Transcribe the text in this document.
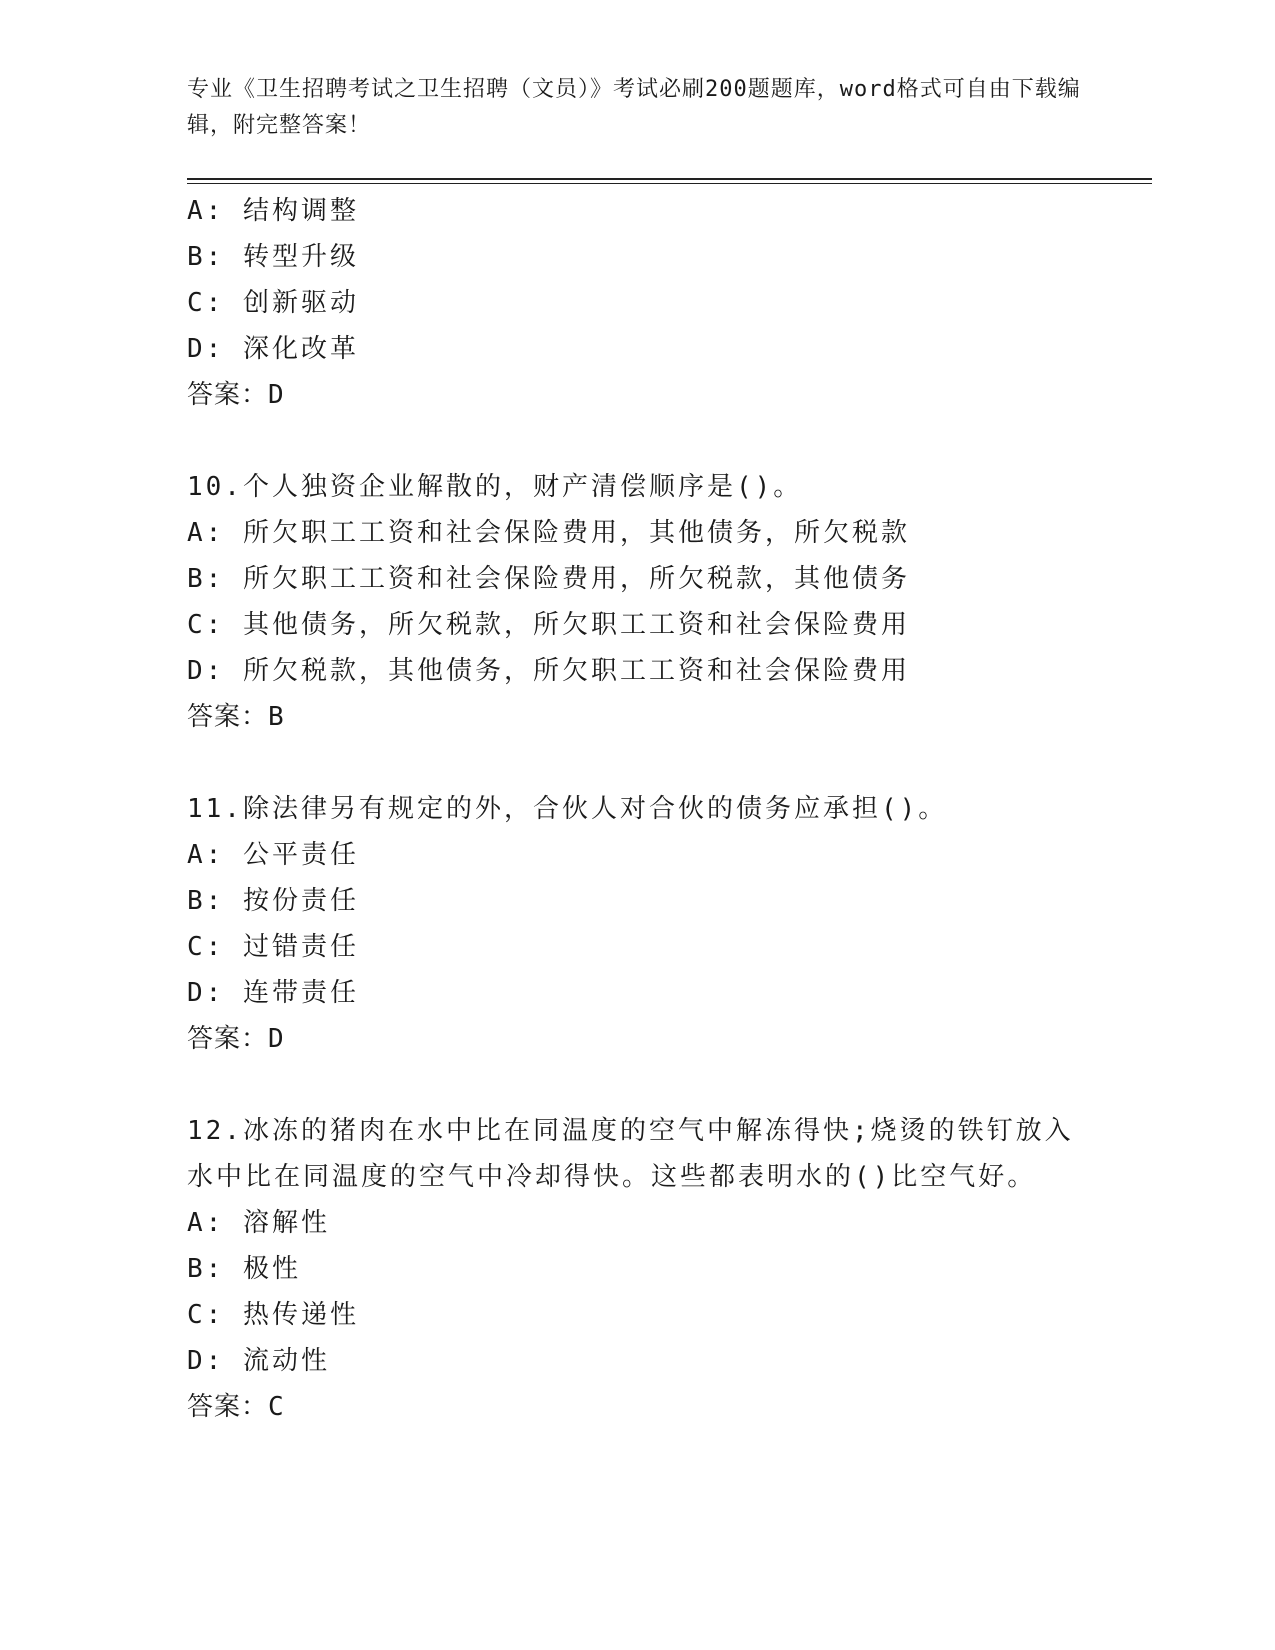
专业《卫生招聘考试之卫生招聘（文员）》考试必刷200题题库，word格式可自由下载编辑，附完整答案！
A: 结构调整
B: 转型升级
C: 创新驱动
D: 深化改革
答案：D
10.个人独资企业解散的，财产清偿顺序是()。
A: 所欠职工工资和社会保险费用，其他债务，所欠税款
B: 所欠职工工资和社会保险费用，所欠税款，其他债务
C: 其他债务，所欠税款，所欠职工工资和社会保险费用
D: 所欠税款，其他债务，所欠职工工资和社会保险费用
答案：B
11.除法律另有规定的外，合伙人对合伙的债务应承担()。
A: 公平责任
B: 按份责任
C: 过错责任
D: 连带责任
答案：D
12.冰冻的猪肉在水中比在同温度的空气中解冻得快;烧烫的铁钉放入
水中比在同温度的空气中冷却得快。这些都表明水的()比空气好。
A: 溶解性
B: 极性
C: 热传递性
D: 流动性
答案：C
